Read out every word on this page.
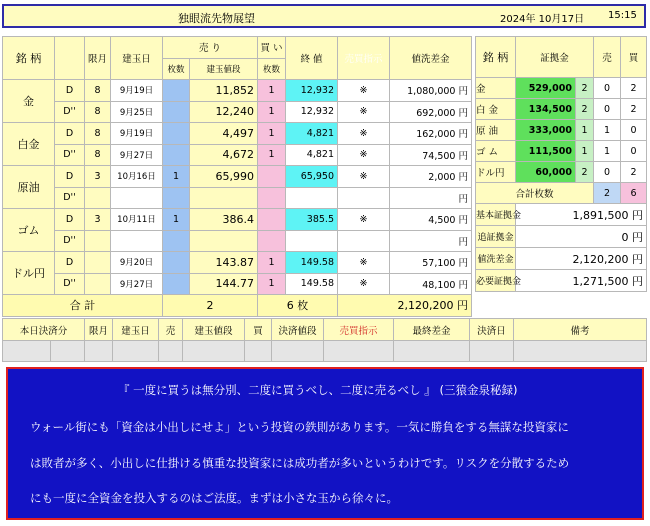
独眼流先物展望	2024年 10月17日 15:15
銘 柄		限月	建玉日	売 り		買 い	終 値	売買指示	値洗差金
				枚数	建玉値段	枚数			
金	D	8	9月19日		11,852	1	12,932	※	1,080,000 円
	D''	8	9月25日		12,240	1	12,932	※	692,000 円
白金	D	8	9月19日		4,497	1	4,821	※	162,000 円
	D''	8	9月27日		4,672	1	4,821	※	74,500 円
原油	D	3	10月16日	1	65,990		65,950	※	2,000 円
	D''								円
ゴム	D	3	10月11日	1	386.4		385.5	※	4,500 円
	D''								円
ドル円	D		9月20日		143.87	1	149.58	※	57,100 円
	D''		9月27日		144.77	1	149.58	※	48,100 円
合 計				2		6 枚		2,120,200 円	
銘 柄	証拠金		売	買
金	529,000	2	0	2
白 金	134,500	2	0	2
原 油	333,000	1	1	0
ゴ ム	111,500	1	1	0
ドル円	60,000	2	0	2
合計枚数			2	6
基本証拠金	1,891,500 円			
追証拠金	0 円			
値洗差金	2,120,200 円			
必要証拠金	1,271,500 円			
本日決済分		限月	建玉日	売	建玉値段	買	決済値段	売買指示	最終差金	決済日	備考

『 一度に買うは無分別、二度に買うべし、二度に売るべし 』 (三猿金泉秘録)

ウォール街にも「資金は小出しにせよ」という投資の鉄則があります。一気に勝負をする無謀な投資家に

は敗者が多く、小出しに仕掛ける慎重な投資家には成功者が多いというわけです。リスクを分散するため

にも一度に全資金を投入するのはご法度。まずは小さな玉から徐々に。
